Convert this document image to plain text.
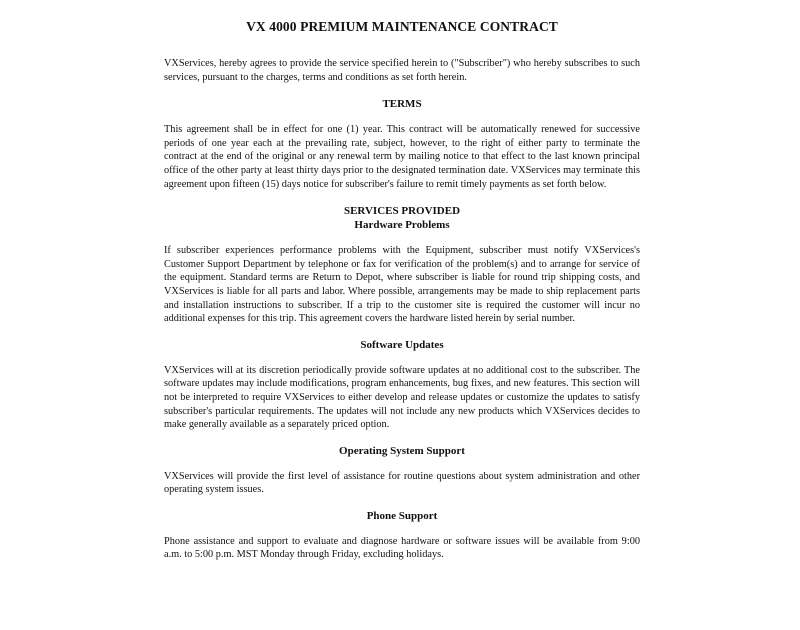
VX 4000 PREMIUM MAINTENANCE CONTRACT

VXServices, hereby agrees to provide the service specified herein to ("Subscriber") who hereby subscribes to such services, pursuant to the charges, terms and conditions as set forth herein.

TERMS

This agreement shall be in effect for one (1) year. This contract will be automatically renewed for successive periods of one year each at the prevailing rate, subject, however, to the right of either party to terminate the contract at the end of the original or any renewal term by mailing notice to that effect to the last known principal office of the other party at least thirty days prior to the designated termination date. VXServices may terminate this agreement upon fifteen (15) days notice for subscriber's failure to remit timely payments as set forth below.

SERVICES PROVIDED
Hardware Problems

If subscriber experiences performance problems with the Equipment, subscriber must notify VXServices's Customer Support Department by telephone or fax for verification of the problem(s) and to arrange for service of the equipment. Standard terms are Return to Depot, where subscriber is liable for round trip shipping costs, and VXServices is liable for all parts and labor. Where possible, arrangements may be made to ship replacement parts and installation instructions to subscriber. If a trip to the customer site is required the customer will incur no additional expenses for this trip. This agreement covers the hardware listed herein by serial number.

Software Updates

VXServices will at its discretion periodically provide software updates at no additional cost to the subscriber. The software updates may include modifications, program enhancements, bug fixes, and new features. This section will not be interpreted to require VXServices to either develop and release updates or customize the updates to satisfy subscriber's particular requirements. The updates will not include any new products which VXServices decides to make generally available as a separately priced option.

Operating System Support

VXServices will provide the first level of assistance for routine questions about system administration and other operating system issues.

Phone Support

Phone assistance and support to evaluate and diagnose hardware or software issues will be available from 9:00 a.m. to 5:00 p.m. MST Monday through Friday, excluding holidays.
